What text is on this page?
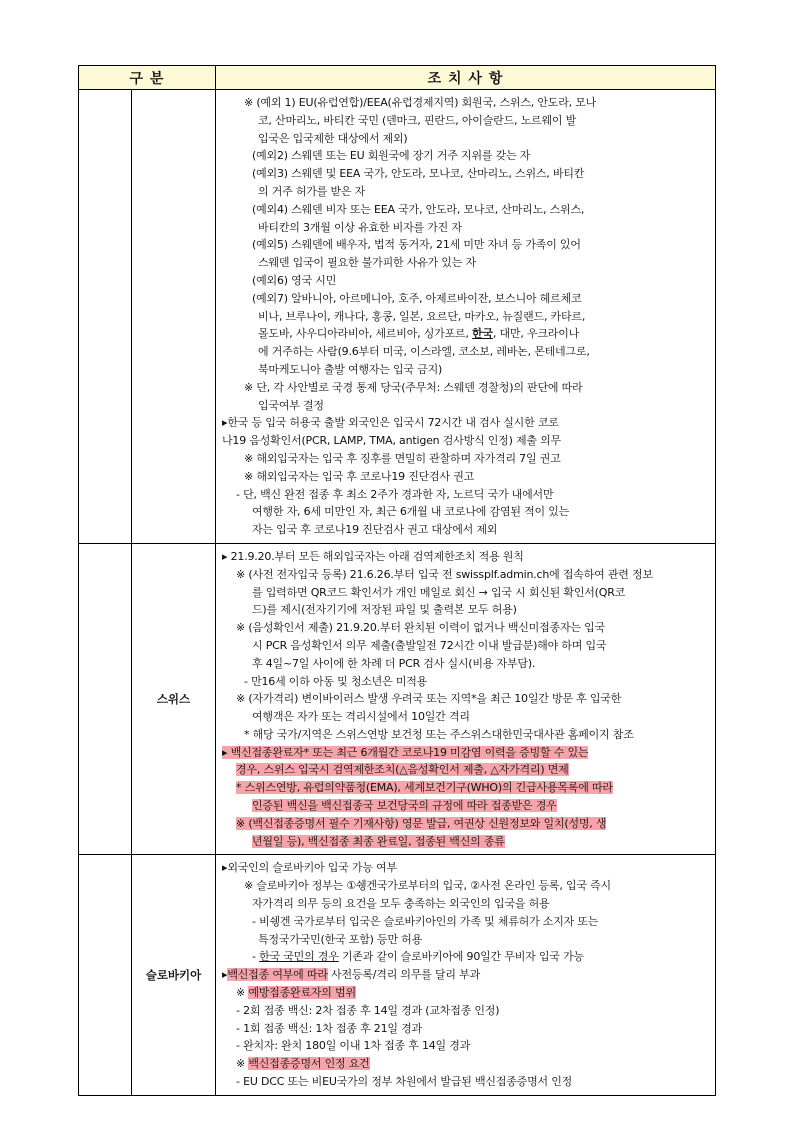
구 분	조 치 사 항
※ (예외 1) EU(유럽연합)/EEA(유럽경제지역) 회원국, 스위스, 안도라, 모나
코, 산마리노, 바티칸 국민 (덴마크, 핀란드, 아이슬란드, 노르웨이 발
입국은 입국제한 대상에서 제외)
(예외2) 스웨덴 또는 EU 회원국에 장기 거주 지위를 갖는 자
(예외3) 스웨덴 및 EEA 국가, 안도라, 모나코, 산마리노, 스위스, 바티칸
의 거주 허가를 받은 자
(예외4) 스웨덴 비자 또는 EEA 국가, 안도라, 모나코, 산마리노, 스위스,
바티칸의 3개월 이상 유효한 비자를 가진 자
(예외5) 스웨덴에 배우자, 법적 동거자, 21세 미만 자녀 등 가족이 있어
스웨덴 입국이 필요한 불가피한 사유가 있는 자
(예외6) 영국 시민
(예외7) 알바니아, 아르메니아, 호주, 아제르바이잔, 보스니아 헤르체코
비나, 브루나이, 캐나다, 홍콩, 일본, 요르단, 마카오, 뉴질랜드, 카타르,
몰도바, 사우디아라비아, 세르비아, 싱가포르, 한국, 대만, 우크라이나
에 거주하는 사람(9.6부터 미국, 이스라엘, 코소보, 레바논, 몬테네그로,
북마케도니아 출발 여행자는 입국 금지)
※ 단, 각 사안별로 국경 통제 당국(주무처: 스웨덴 경찰청)의 판단에 따라
입국여부 결정
▸한국 등 입국 허용국 출발 외국인은 입국시 72시간 내 검사 실시한 코로
나19 음성확인서(PCR, LAMP, TMA, antigen 검사방식 인정) 제출 의무
※ 해외입국자는 입국 후 징후를 면밀히 관찰하며 자가격리 7일 권고
※ 해외입국자는 입국 후 코로나19 진단검사 권고
- 단, 백신 완전 접종 후 최소 2주가 경과한 자, 노르딕 국가 내에서만
여행한 자, 6세 미만인 자, 최근 6개월 내 코로나에 감염된 적이 있는
자는 입국 후 코로나19 진단검사 권고 대상에서 제외
스위스
▸ 21.9.20.부터 모든 해외입국자는 아래 검역제한조치 적용 원칙
※ (사전 전자입국 등록) 21.6.26.부터 입국 전 swissplf.admin.ch에 접속하여 관련 정보
를 입력하면 QR코드 확인서가 개인 메일로 회신 → 입국 시 회신된 확인서(QR코
드)를 제시(전자기기에 저장된 파일 및 출력본 모두 허용)
※ (음성확인서 제출) 21.9.20.부터 완치된 이력이 없거나 백신미접종자는 입국
시 PCR 음성확인서 의무 제출(출발일전 72시간 이내 발급분)해야 하며 입국
후 4일~7일 사이에 한 차례 더 PCR 검사 실시(비용 자부담).
- 만16세 이하 아동 및 청소년은 미적용
※ (자가격리) 변이바이러스 발생 우려국 또는 지역*을 최근 10일간 방문 후 입국한
여행객은 자가 또는 격리시설에서 10일간 격리
* 해당 국가/지역은 스위스연방 보건청 또는 주스위스대한민국대사관 홈페이지 참조
▸ 백신접종완료자* 또는 최근 6개월간 코로나19 미감염 이력을 증빙할 수 있는
경우, 스위스 입국시 검역제한조치(△음성확인서 제출, △자가격리) 면제
* 스위스연방, 유럽의약품청(EMA), 세계보건기구(WHO)의 긴급사용목록에 따라
인증된 백신을 백신접종국 보건당국의 규정에 따라 접종받은 경우
※ (백신접종증명서 필수 기재사항) 영문 발급, 여권상 신원정보와 일치(성명, 생
년월일 등), 백신접종 최종 완료일, 접종된 백신의 종류
슬로바키아
▸외국인의 슬로바키아 입국 가능 여부
※ 슬로바키아 정부는 ①쉥겐국가로부터의 입국, ②사전 온라인 등록, 입국 즉시
자가격리 의무 등의 요건을 모두 충족하는 외국인의 입국을 허용
- 비쉥겐 국가로부터 입국은 슬로바키아인의 가족 및 체류허가 소지자 또는
특정국가국민(한국 포함) 등만 허용
- 한국 국민의 경우 기존과 같이 슬로바키아에 90일간 무비자 입국 가능
▸백신접종 여부에 따라 사전등록/격리 의무를 달리 부과
※ 예방접종완료자의 범위
- 2회 접종 백신: 2차 접종 후 14일 경과 (교차접종 인정)
- 1회 접종 백신: 1차 접종 후 21일 경과
- 완치자: 완치 180일 이내 1차 접종 후 14일 경과
※ 백신접종증명서 인정 요건
- EU DCC 또는 비EU국가의 정부 차원에서 발급된 백신접종증명서 인정
